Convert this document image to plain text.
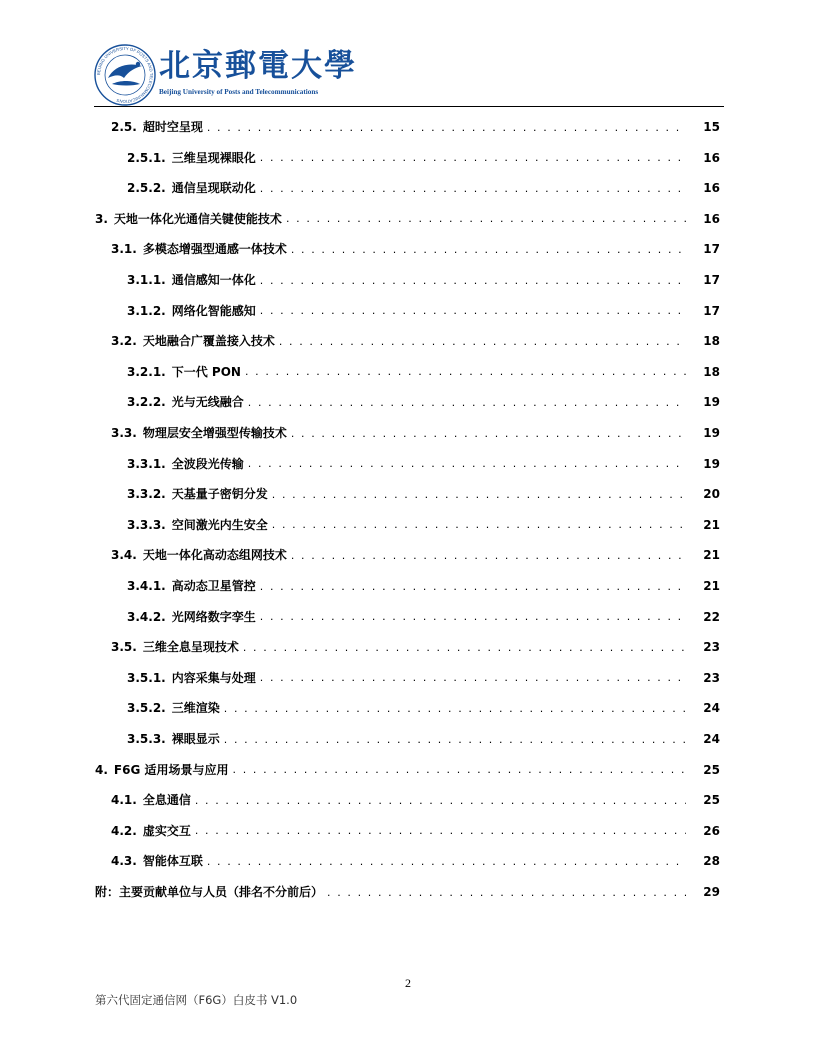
BEIJING UNIVERSITY OF POSTS AND TELECOMMUNICATIONS
北京郵電大學
Beijing University of Posts and Telecommunications
2.5. 超时空呈现 . . .	15
2.5.1. 三维呈现裸眼化 . . .	16
2.5.2. 通信呈现联动化 . . .	16
3. 天地一体化光通信关键使能技术 . . .	16
3.1. 多模态增强型通感一体技术 . . .	17
3.1.1. 通信感知一体化 . . .	17
3.1.2. 网络化智能感知 . . .	17
3.2. 天地融合广覆盖接入技术 . . .	18
3.2.1. 下一代 PON . . .	18
3.2.2. 光与无线融合 . . .	19
3.3. 物理层安全增强型传输技术 . . .	19
3.3.1. 全波段光传输 . . .	19
3.3.2. 天基量子密钥分发 . . .	20
3.3.3. 空间激光内生安全 . . .	21
3.4. 天地一体化高动态组网技术 . . .	21
3.4.1. 高动态卫星管控 . . .	21
3.4.2. 光网络数字孪生 . . .	22
3.5. 三维全息呈现技术 . . .	23
3.5.1. 内容采集与处理 . . .	23
3.5.2. 三维渲染 . . .	24
3.5.3. 裸眼显示 . . .	24
4. F6G 适用场景与应用 . . .	25
4.1. 全息通信 . . .	25
4.2. 虚实交互 . . .	26
4.3. 智能体互联 . . .	28
附：主要贡献单位与人员（排名不分前后） . . .	29
2
第六代固定通信网（F6G）白皮书 V1.0
